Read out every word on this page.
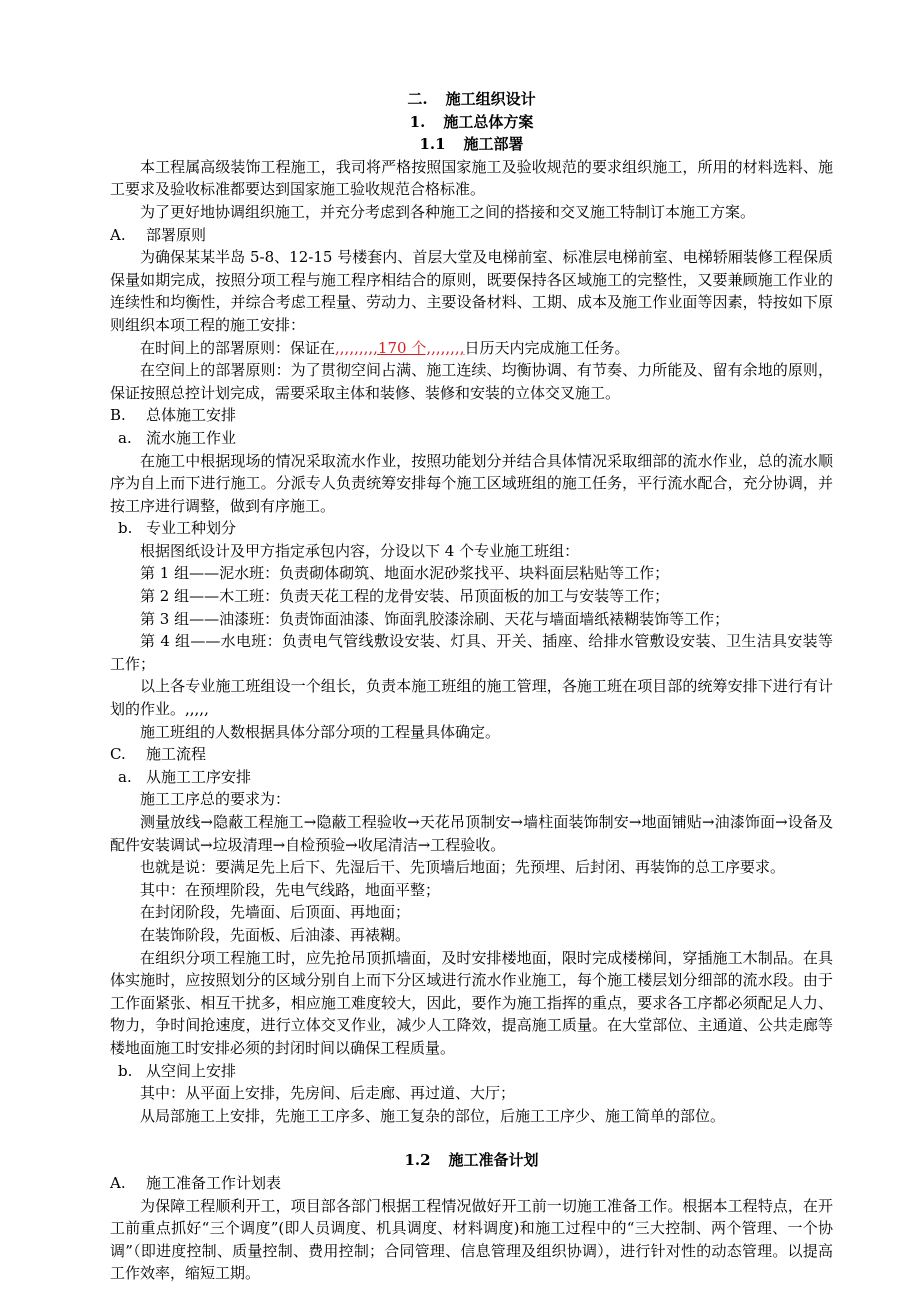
二. 施工组织设计

1. 施工总体方案

1.1 施工部署

本工程属高级装饰工程施工，我司将严格按照国家施工及验收规范的要求组织施工，所用的材料选料、施工要求及验收标准都要达到国家施工验收规范合格标准。

为了更好地协调组织施工，并充分考虑到各种施工之间的搭接和交叉施工特制订本施工方案。

A. 部署原则

为确保某某半岛 5-8、12-15 号楼套内、首层大堂及电梯前室、标准层电梯前室、电梯轿厢装修工程保质保量如期完成，按照分项工程与施工程序相结合的原则，既要保持各区域施工的完整性，又要兼顾施工作业的连续性和均衡性，并综合考虑工程量、劳动力、主要设备材料、工期、成本及施工作业面等因素，特按如下原则组织本项工程的施工安排：

在时间上的部署原则：保证在,,,,,,,,,170 个,,,,,,,,日历天内完成施工任务。

在空间上的部署原则：为了贯彻空间占满、施工连续、均衡协调、有节奏、力所能及、留有余地的原则，保证按照总控计划完成，需要采取主体和装修、装修和安装的立体交叉施工。

B. 总体施工安排

a. 流水施工作业

在施工中根据现场的情况采取流水作业，按照功能划分并结合具体情况采取细部的流水作业，总的流水顺序为自上而下进行施工。分派专人负责统筹安排每个施工区域班组的施工任务，平行流水配合，充分协调，并按工序进行调整，做到有序施工。

b. 专业工种划分

根据图纸设计及甲方指定承包内容，分设以下 4 个专业施工班组：

第 1 组——泥水班：负责砌体砌筑、地面水泥砂浆找平、块料面层粘贴等工作；

第 2 组——木工班：负责天花工程的龙骨安装、吊顶面板的加工与安装等工作；

第 3 组——油漆班：负责饰面油漆、饰面乳胶漆涂刷、天花与墙面墙纸裱糊装饰等工作；

第 4 组——水电班：负责电气管线敷设安装、灯具、开关、插座、给排水管敷设安装、卫生洁具安装等工作；

以上各专业施工班组设一个组长，负责本施工班组的施工管理，各施工班在项目部的统筹安排下进行有计划的作业。,,,,,

施工班组的人数根据具体分部分项的工程量具体确定。

C. 施工流程

a. 从施工工序安排

施工工序总的要求为：

测量放线→隐蔽工程施工→隐蔽工程验收→天花吊顶制安→墙柱面装饰制安→地面铺贴→油漆饰面→设备及配件安装调试→垃圾清理→自检预验→收尾清洁→工程验收。

也就是说：要满足先上后下、先湿后干、先顶墙后地面；先预埋、后封闭、再装饰的总工序要求。

其中：在预埋阶段，先电气线路，地面平整；

在封闭阶段，先墙面、后顶面、再地面；

在装饰阶段，先面板、后油漆、再裱糊。

在组织分项工程施工时，应先抢吊顶抓墙面，及时安排楼地面，限时完成楼梯间，穿插施工木制品。在具体实施时，应按照划分的区域分别自上而下分区域进行流水作业施工，每个施工楼层划分细部的流水段。由于工作面紧张、相互干扰多，相应施工难度较大，因此，要作为施工指挥的重点，要求各工序都必须配足人力、物力，争时间抢速度，进行立体交叉作业，减少人工降效，提高施工质量。在大堂部位、主通道、公共走廊等楼地面施工时安排必须的封闭时间以确保工程质量。

b. 从空间上安排

其中：从平面上安排，先房间、后走廊、再过道、大厅；

从局部施工上安排，先施工工序多、施工复杂的部位，后施工工序少、施工简单的部位。

1.2 施工准备计划

A. 施工准备工作计划表

为保障工程顺利开工，项目部各部门根据工程情况做好开工前一切施工准备工作。根据本工程特点，在开工前重点抓好“三个调度”(即人员调度、机具调度、材料调度)和施工过程中的“三大控制、两个管理、一个协调”（即进度控制、质量控制、费用控制；合同管理、信息管理及组织协调），进行针对性的动态管理。以提高工作效率，缩短工期。
